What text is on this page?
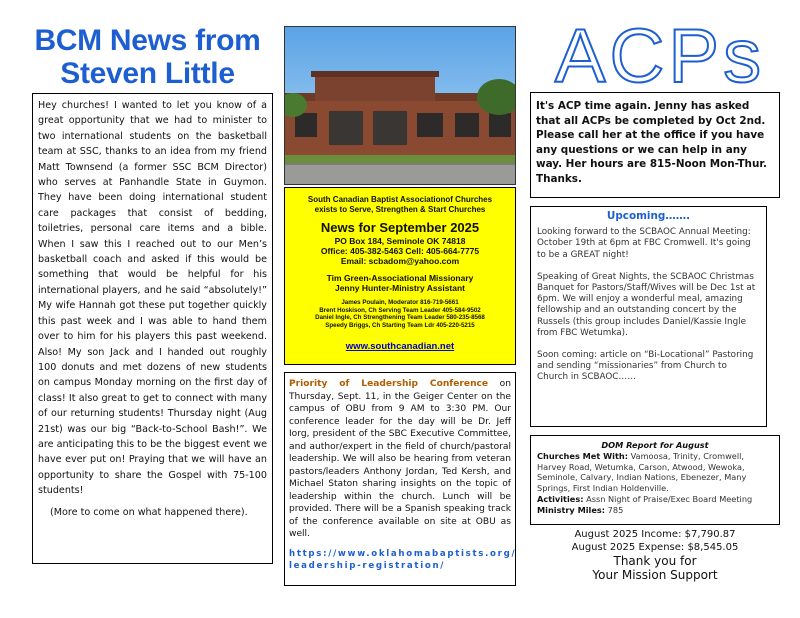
BCM News from
Steven Little

Hey churches! I wanted to let you know of a great opportunity that we had to minister to two international students on the basketball team at SSC, thanks to an idea from my friend Matt Townsend (a former SSC BCM Director) who serves at Panhandle State in Guymon. They have been doing international student care packages that consist of bedding, toiletries, personal care items and a bible. When I saw this I reached out to our Men’s basketball coach and asked if this would be something that would be helpful for his international players, and he said “absolutely!” My wife Hannah got these put together quickly this past week and I was able to hand them over to him for his players this past weekend. Also! My son Jack and I handed out roughly 100 donuts and met dozens of new students on campus Monday morning on the first day of class! It also great to get to connect with many of our returning students! Thursday night (Aug 21st) was our big “Back-to-School Bash!”. We are anticipating this to be the biggest event we have ever put on! Praying that we will have an opportunity to share the Gospel with 75-100 students!

(More to come on what happened there).

South Canadian Baptist Associationof Churches
exists to Serve, Strengthen & Start Churches
News for September 2025
PO Box 184, Seminole OK 74818
Office: 405-382-5463 Cell: 405-664-7775
Email: scbadom@yahoo.com
Tim Green-Associational Missionary
Jenny Hunter-Ministry Assistant
James Poulain, Moderator 816-719-5661
Brent Hoskison, Ch Serving Team Leader 405-584-9502
Daniel Ingle, Ch Strengthening Team Leader 580-235-8568
Speedy Briggs, Ch Starting Team Ldr 405-220-5215
www.southcanadian.net
Priority of Leadership Conference on Thursday, Sept. 11, in the Geiger Center on the campus of OBU from 9 AM to 3:30 PM. Our conference leader for the day will be Dr. Jeff Iorg, president of the SBC Executive Committee, and author/expert in the field of church/pastoral leadership. We will also be hearing from veteran pastors/leaders Anthony Jordan, Ted Kersh, and Michael Staton sharing insights on the topic of leadership within the church. Lunch will be provided. There will be a Spanish speaking track of the conference available on site at OBU as well.
https://www.oklahomabaptists.org/
leadership-registration/
ACPs
It's ACP time again. Jenny has asked that all ACPs be completed by Oct 2nd. Please call her at the office if you have any questions or we can help in any way. Her hours are 815-Noon Mon-Thur. Thanks.
Upcoming…….

Looking forward to the SCBAOC Annual Meeting: October 19th at 6pm at FBC Cromwell. It's going to be a GREAT night!

Speaking of Great Nights, the SCBAOC Christmas Banquet for Pastors/Staff/Wives will be Dec 1st at 6pm. We will enjoy a wonderful meal, amazing fellowship and an outstanding concert by the Russels (this group includes Daniel/Kassie Ingle from FBC Wetumka).

Soon coming: article on “Bi-Locational” Pastoring and sending “missionaries” from Church to Church in SCBAOC……

DOM Report for August
Churches Met With: Vamoosa, Trinity, Cromwell, Harvey Road, Wetumka, Carson, Atwood, Wewoka, Seminole, Calvary, Indian Nations, Ebenezer, Many Springs, First Indian Holdenville.
Activities: Assn Night of Praise/Exec Board Meeting
Ministry Miles: 785
August 2025 Income: $7,790.87
August 2025 Expense: $8,545.05
Thank you for
Your Mission Support
